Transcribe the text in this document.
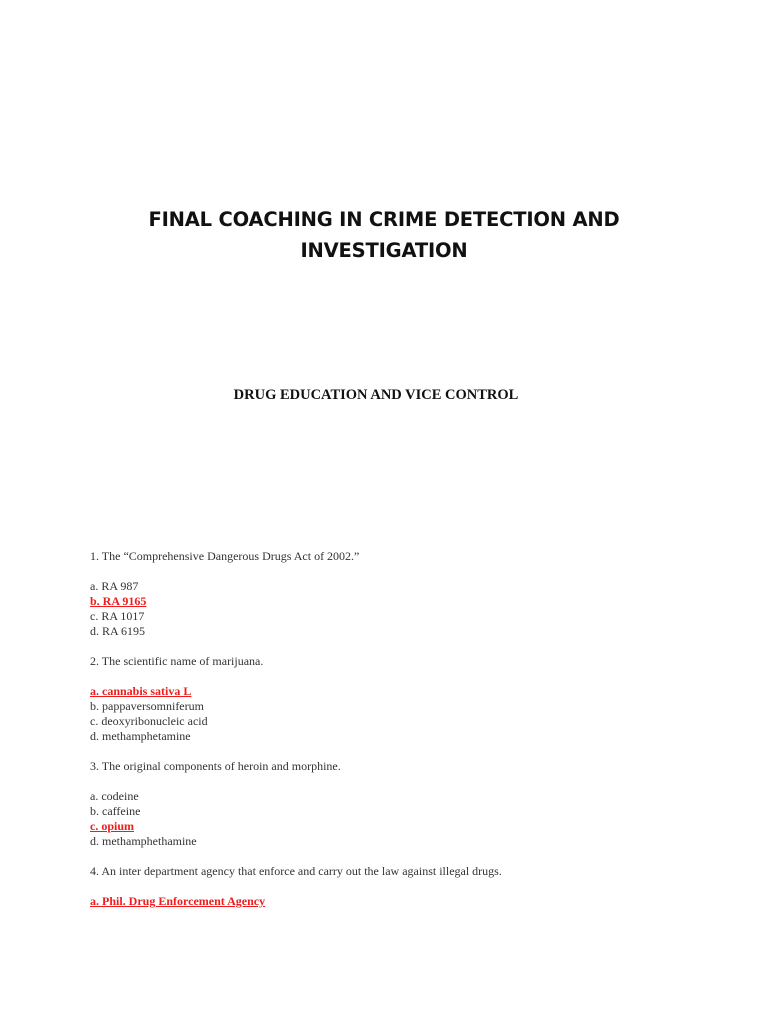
FINAL COACHING IN CRIME DETECTION AND
INVESTIGATION
DRUG EDUCATION AND VICE CONTROL
1. The “Comprehensive Dangerous Drugs Act of 2002.”
a. RA 987
b. RA 9165
c. RA 1017
d. RA 6195
2. The scientific name of marijuana.
a. cannabis sativa L
b. pappaversomniferum
c. deoxyribonucleic acid
d. methamphetamine
3. The original components of heroin and morphine.
a. codeine
b. caffeine
c. opium
d. methamphethamine
4. An inter department agency that enforce and carry out the law against illegal drugs.
a. Phil. Drug Enforcement Agency
